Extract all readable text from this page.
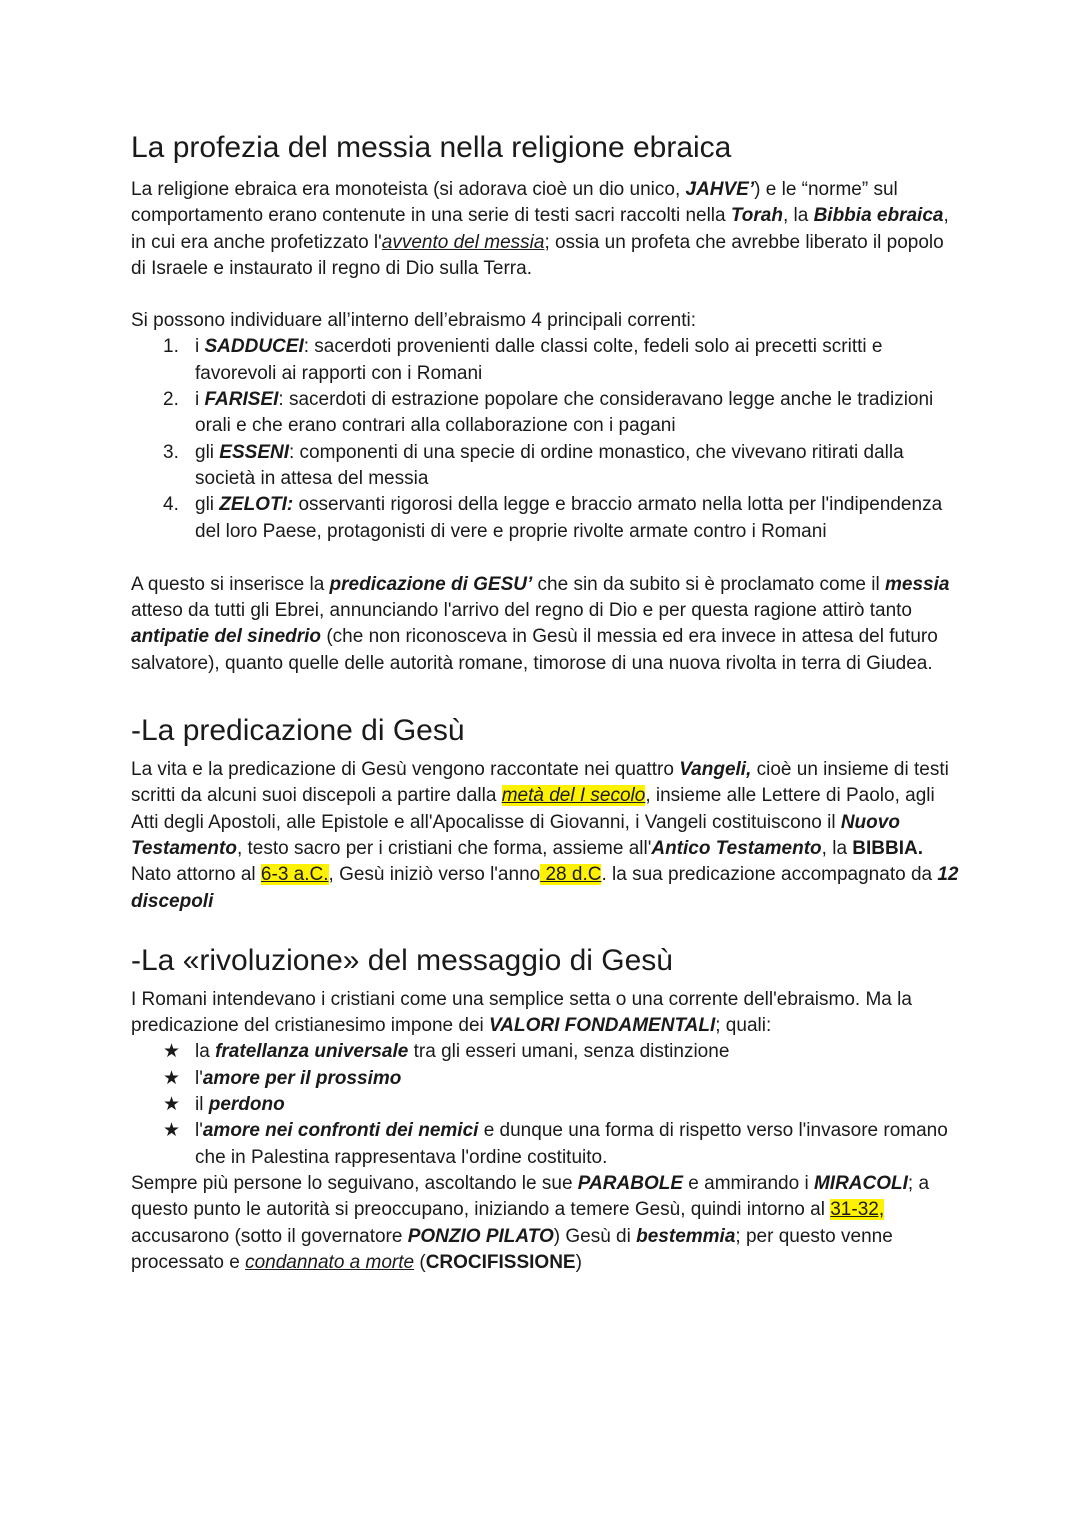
La profezia del messia nella religione ebraica

La religione ebraica era monoteista (si adorava cioè un dio unico, JAHVE’) e le “norme” sul comportamento erano contenute in una serie di testi sacri raccolti nella Torah, la Bibbia ebraica, in cui era anche profetizzato l'avvento del messia; ossia un profeta che avrebbe liberato il popolo di Israele e instaurato il regno di Dio sulla Terra.

Si possono individuare all’interno dell’ebraismo 4 principali correnti:

1. i SADDUCEI: sacerdoti provenienti dalle classi colte, fedeli solo ai precetti scritti e favorevoli ai rapporti con i Romani
2. i FARISEI: sacerdoti di estrazione popolare che consideravano legge anche le tradizioni orali e che erano contrari alla collaborazione con i pagani
3. gli ESSENI: componenti di una specie di ordine monastico, che vivevano ritirati dalla società in attesa del messia
4. gli ZELOTI: osservanti rigorosi della legge e braccio armato nella lotta per l'indipendenza del loro Paese, protagonisti di vere e proprie rivolte armate contro i Romani

A questo si inserisce la predicazione di GESU’ che sin da subito si è proclamato come il messia atteso da tutti gli Ebrei, annunciando l'arrivo del regno di Dio e per questa ragione attirò tanto antipatie del sinedrio (che non riconosceva in Gesù il messia ed era invece in attesa del futuro salvatore), quanto quelle delle autorità romane, timorose di una nuova rivolta in terra di Giudea.

-La predicazione di Gesù

La vita e la predicazione di Gesù vengono raccontate nei quattro Vangeli, cioè un insieme di testi scritti da alcuni suoi discepoli a partire dalla metà del I secolo, insieme alle Lettere di Paolo, agli Atti degli Apostoli, alle Epistole e all'Apocalisse di Giovanni, i Vangeli costituiscono il Nuovo Testamento, testo sacro per i cristiani che forma, assieme all'Antico Testamento, la BIBBIA.

Nato attorno al 6-3 a.C., Gesù iniziò verso l'anno 28 d.C. la sua predicazione accompagnato da 12 discepoli

-La «rivoluzione» del messaggio di Gesù

I Romani intendevano i cristiani come una semplice setta o una corrente dell'ebraismo. Ma la predicazione del cristianesimo impone dei VALORI FONDAMENTALI; quali:

★ la fratellanza universale tra gli esseri umani, senza distinzione
★ l'amore per il prossimo
★ il perdono
★ l'amore nei confronti dei nemici e dunque una forma di rispetto verso l'invasore romano che in Palestina rappresentava l'ordine costituito.

Sempre più persone lo seguivano, ascoltando le sue PARABOLE e ammirando i MIRACOLI; a questo punto le autorità si preoccupano, iniziando a temere Gesù, quindi intorno al 31-32, accusarono (sotto il governatore PONZIO PILATO) Gesù di bestemmia; per questo venne processato e condannato a morte (CROCIFISSIONE)
